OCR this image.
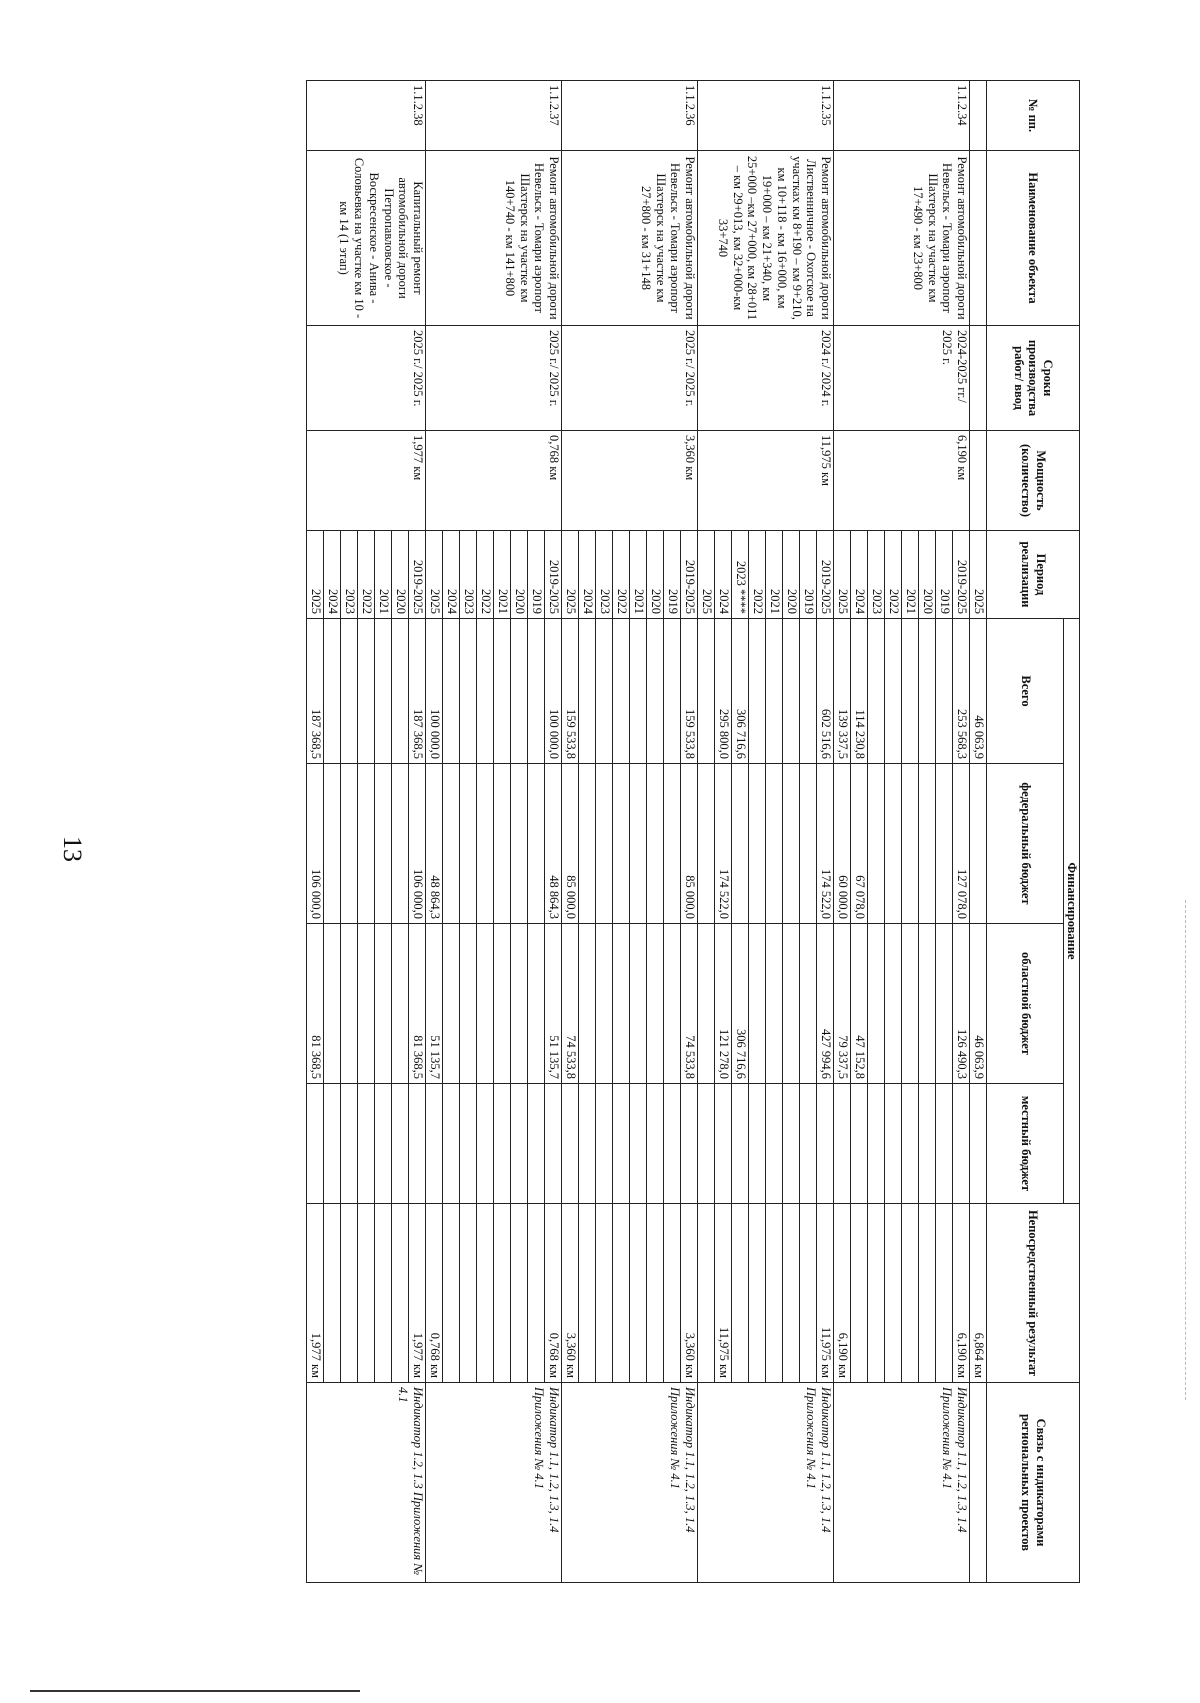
13
№ пп.	Наименование объекта	Сроки производства работ/ ввод	Мощность (количество)	Период реализации	Финансирование				Непосредственный результат	Связь с индикаторами региональных проектов
					Всего	федеральный бюджет	областной бюджет	местный бюджет		
				2025	46 063,9		46 063,9		6,864 км	
1.1.2.34	Ремонт автомобильной дороги Невельск - Томари аэропорт Шахтерск на участке км 17+490 - км 23+800	2024-2025 гг./ 2025 г.	6,190 км	2019-2025	253 568,3	127 078,0	126 490,3		6,190 км	Индикатор 1.1, 1.2, 1.3, 1.4 Приложения № 4.1
				2019						
				2020						
				2021						
				2022						
				2023						
				2024	114 230,8	67 078,0	47 152,8			
				2025	139 337,5	60 000,0	79 337,5		6,190 км	
1.1.2.35	Ремонт автомобильной дороги Лиственничное - Охотское на участках км 8+190 – км 9+210, км 10+118 - км 16+000, км 19+000 – км 21+340, км 25+000 –км 27+000, км 28+011 – км 29+013, км 32+000-км 33+740	2024 г./ 2024 г.	11,975 км	2019-2025	602 516,6	174 522,0	427 994,6		11,975 км	Индикатор 1.1, 1.2, 1.3, 1.4 Приложения № 4.1
				2019						
				2020						
				2021						
				2022						
				2023 ****	306 716,6		306 716,6			
				2024	295 800,0	174 522,0	121 278,0		11,975 км	
				2025						
1.1.2.36	Ремонт автомобильной дороги Невельск - Томари аэропорт Шахтерск на участке км 27+800 - км 31+148	2025 г./ 2025 г.	3,360 км	2019-2025	159 533,8	85 000,0	74 533,8		3,360 км	Индикатор 1.1, 1.2, 1.3, 1.4 Приложения № 4.1
				2019						
				2020						
				2021						
				2022						
				2023						
				2024						
				2025	159 533,8	85 000,0	74 533,8		3,360 км	
1.1.2.37	Ремонт автомобильной дороги Невельск - Томари аэропорт Шахтерск на участке км 140+740 - км 141+800	2025 г./ 2025 г.	0,768 км	2019-2025	100 000,0	48 864,3	51 135,7		0,768 км	Индикатор 1.1, 1.2, 1.3, 1.4 Приложения № 4.1
				2019						
				2020						
				2021						
				2022						
				2023						
				2024						
				2025	100 000,0	48 864,3	51 135,7		0,768 км	
1.1.2.38	Капитальный ремонт автомобильной дороги Петропавловское - Воскресенское - Анива - Соловьевка на участке км 10 - км 14 (1 этап)	2025 г./ 2025 г.	1,977 км	2019-2025	187 368,5	106 000,0	81 368,5		1,977 км	Индикатор 1.2, 1.3 Приложения № 4.1
				2020						
				2021						
				2022						
				2023						
				2024						
				2025	187 368,5	106 000,0	81 368,5		1,977 км	
